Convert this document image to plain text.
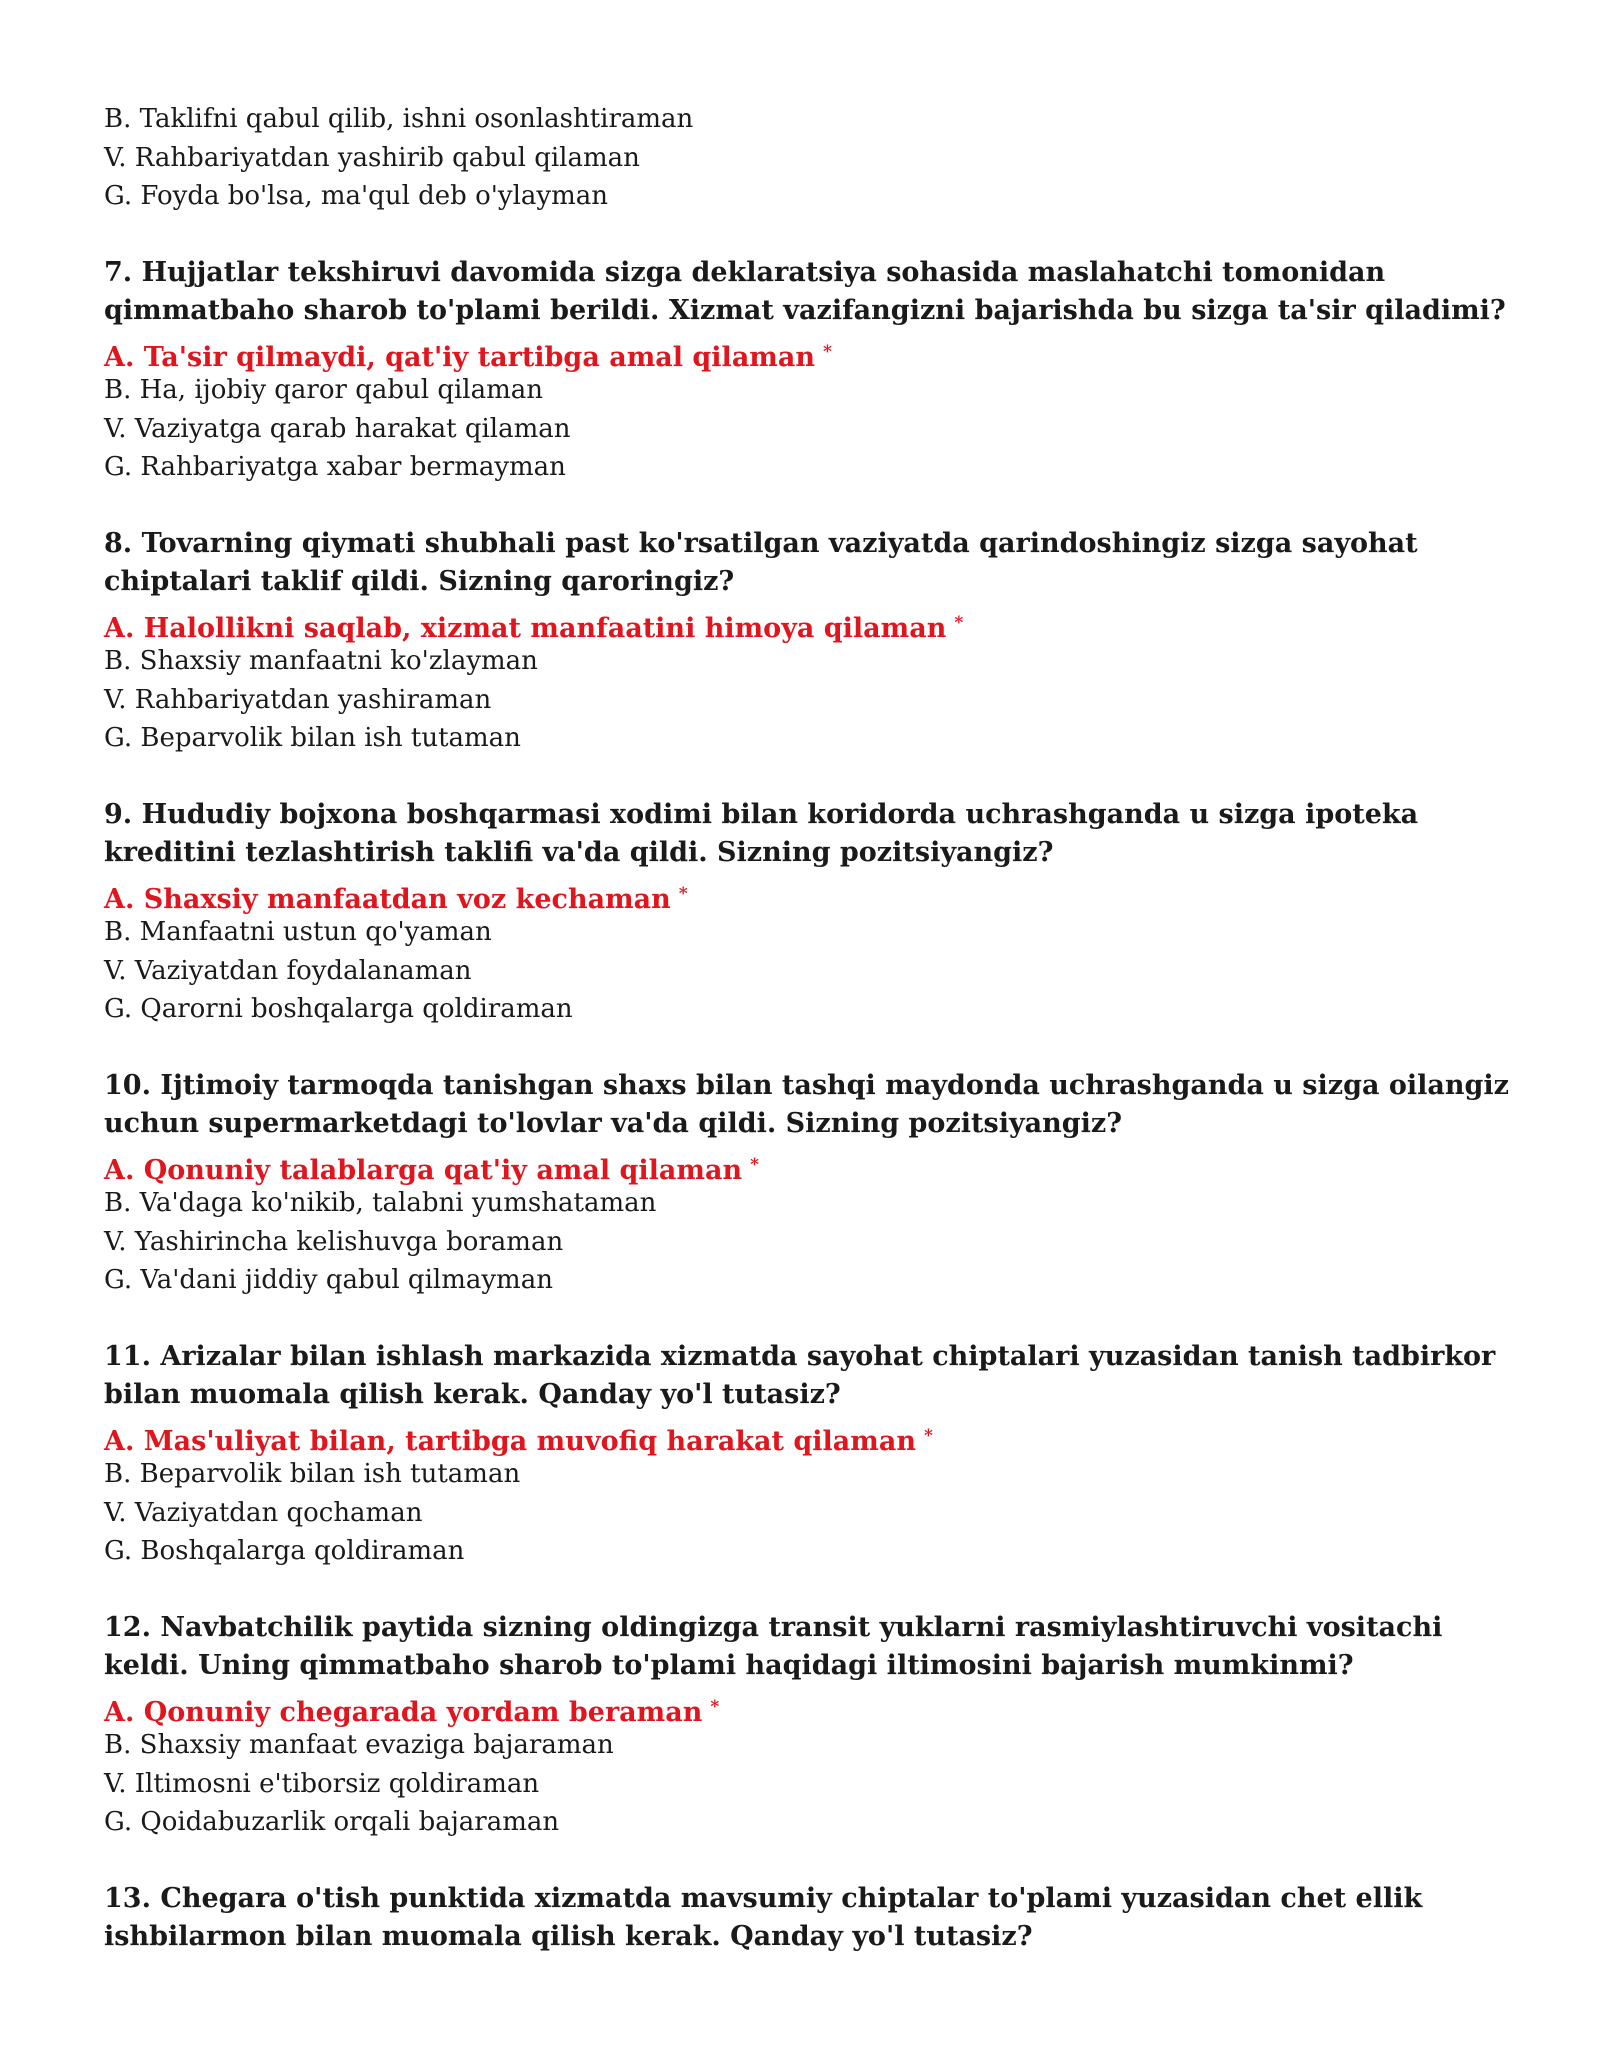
B. Taklifni qabul qilib, ishni osonlashtiraman
V. Rahbariyatdan yashirib qabul qilaman
G. Foyda bo'lsa, ma'qul deb o'ylayman
7. Hujjatlar tekshiruvi davomida sizga deklaratsiya sohasida maslahatchi tomonidan qimmatbaho sharob to'plami berildi. Xizmat vazifangizni bajarishda bu sizga ta'sir qiladimi?
A. Ta'sir qilmaydi, qat'iy tartibga amal qilaman *
B. Ha, ijobiy qaror qabul qilaman
V. Vaziyatga qarab harakat qilaman
G. Rahbariyatga xabar bermayman
8. Tovarning qiymati shubhali past ko'rsatilgan vaziyatda qarindoshingiz sizga sayohat chiptalari taklif qildi. Sizning qaroringiz?
A. Halollikni saqlab, xizmat manfaatini himoya qilaman *
B. Shaxsiy manfaatni ko'zlayman
V. Rahbariyatdan yashiraman
G. Beparvolik bilan ish tutaman
9. Hududiy bojxona boshqarmasi xodimi bilan koridorda uchrashganda u sizga ipoteka kreditini tezlashtirish taklifi va'da qildi. Sizning pozitsiyangiz?
A. Shaxsiy manfaatdan voz kechaman *
B. Manfaatni ustun qo'yaman
V. Vaziyatdan foydalanaman
G. Qarorni boshqalarga qoldiraman
10. Ijtimoiy tarmoqda tanishgan shaxs bilan tashqi maydonda uchrashganda u sizga oilangiz uchun supermarketdagi to'lovlar va'da qildi. Sizning pozitsiyangiz?
A. Qonuniy talablarga qat'iy amal qilaman *
B. Va'daga ko'nikib, talabni yumshataman
V. Yashirincha kelishuvga boraman
G. Va'dani jiddiy qabul qilmayman
11. Arizalar bilan ishlash markazida xizmatda sayohat chiptalari yuzasidan tanish tadbirkor bilan muomala qilish kerak. Qanday yo'l tutasiz?
A. Mas'uliyat bilan, tartibga muvofiq harakat qilaman *
B. Beparvolik bilan ish tutaman
V. Vaziyatdan qochaman
G. Boshqalarga qoldiraman
12. Navbatchilik paytida sizning oldingizga transit yuklarni rasmiylashtiruvchi vositachi keldi. Uning qimmatbaho sharob to'plami haqidagi iltimosini bajarish mumkinmi?
A. Qonuniy chegarada yordam beraman *
B. Shaxsiy manfaat evaziga bajaraman
V. Iltimosni e'tiborsiz qoldiraman
G. Qoidabuzarlik orqali bajaraman
13. Chegara o'tish punktida xizmatda mavsumiy chiptalar to'plami yuzasidan chet ellik ishbilarmon bilan muomala qilish kerak. Qanday yo'l tutasiz?
